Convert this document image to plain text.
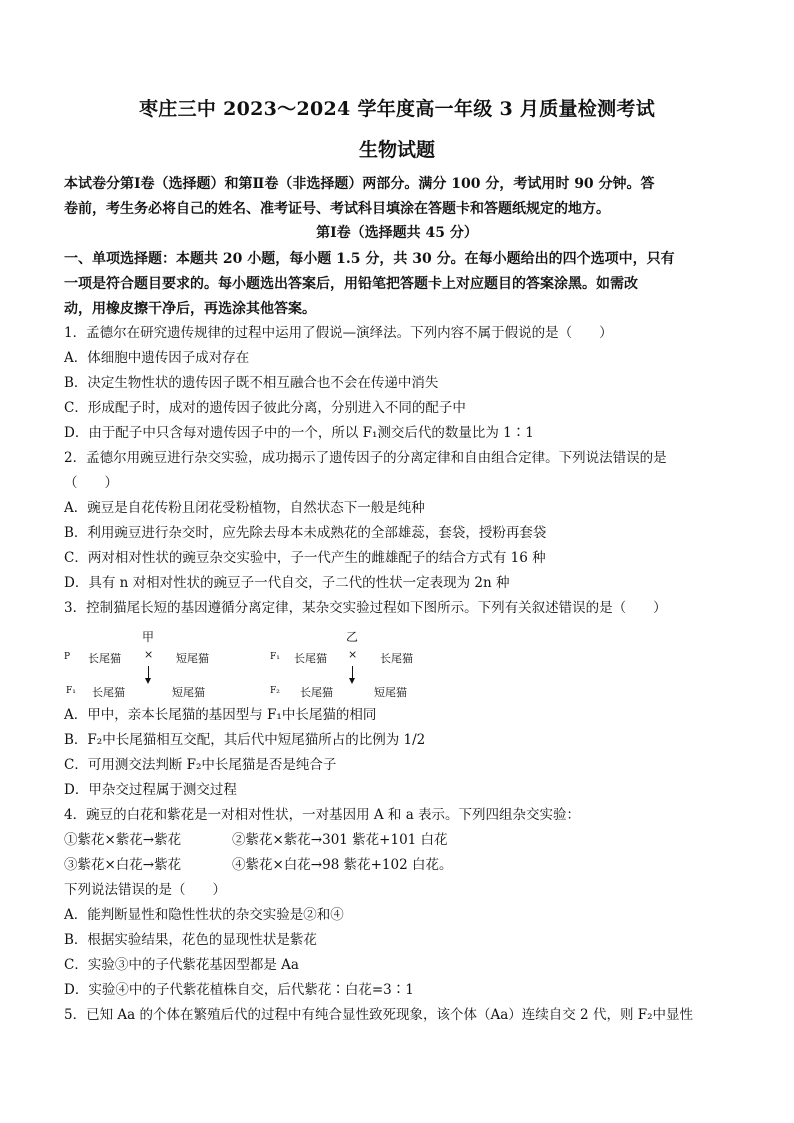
枣庄三中 2023～2024 学年度高一年级 3 月质量检测考试
生物试题
本试卷分第Ⅰ卷（选择题）和第Ⅱ卷（非选择题）两部分。满分 100 分，考试用时 90 分钟。答
卷前，考生务必将自己的姓名、准考证号、考试科目填涂在答题卡和答题纸规定的地方。
第Ⅰ卷（选择题共 45 分）
一、单项选择题：本题共 20 小题，每小题 1.5 分，共 30 分。在每小题给出的四个选项中，只有
一项是符合题目要求的。每小题选出答案后，用铅笔把答题卡上对应题目的答案涂黑。如需改
动，用橡皮擦干净后，再选涂其他答案。
1．孟德尔在研究遗传规律的过程中运用了假说—演绎法。下列内容不属于假说的是（　　）
A．体细胞中遗传因子成对存在
B．决定生物性状的遗传因子既不相互融合也不会在传递中消失
C．形成配子时，成对的遗传因子彼此分离，分别进入不同的配子中
D．由于配子中只含每对遗传因子中的一个，所以 F₁测交后代的数量比为 1∶1
2．孟德尔用豌豆进行杂交实验，成功揭示了遗传因子的分离定律和自由组合定律。下列说法错误的是
（　　）
A．豌豆是自花传粉且闭花受粉植物，自然状态下一般是纯种
B．利用豌豆进行杂交时，应先除去母本未成熟花的全部雄蕊，套袋，授粉再套袋
C．两对相对性状的豌豆杂交实验中，子一代产生的雌雄配子的结合方式有 16 种
D．具有 n 对相对性状的豌豆子一代自交，子二代的性状一定表现为 2n 种
3．控制猫尾长短的基因遵循分离定律，某杂交实验过程如下图所示。下列有关叙述错误的是（　　）
甲
P 长尾猫 × 短尾猫
F₁ 长尾猫	短尾猫
乙
F₁ 长尾猫 × 长尾猫
F₂ 长尾猫	短尾猫
A．甲中，亲本长尾猫的基因型与 F₁中长尾猫的相同
B．F₂中长尾猫相互交配，其后代中短尾猫所占的比例为 1/2
C．可用测交法判断 F₂中长尾猫是否是纯合子
D．甲杂交过程属于测交过程
4．豌豆的白花和紫花是一对相对性状，一对基因用 A 和 a 表示。下列四组杂交实验：
①紫花×紫花→紫花	②紫花×紫花→301 紫花+101 白花
③紫花×白花→紫花	④紫花×白花→98 紫花+102 白花。
下列说法错误的是（　　）
A．能判断显性和隐性性状的杂交实验是②和④
B．根据实验结果，花色的显现性状是紫花
C．实验③中的子代紫花基因型都是 Aa
D．实验④中的子代紫花植株自交，后代紫花∶白花=3∶1
5．已知 Aa 的个体在繁殖后代的过程中有纯合显性致死现象，该个体（Aa）连续自交 2 代，则 F₂中显性
